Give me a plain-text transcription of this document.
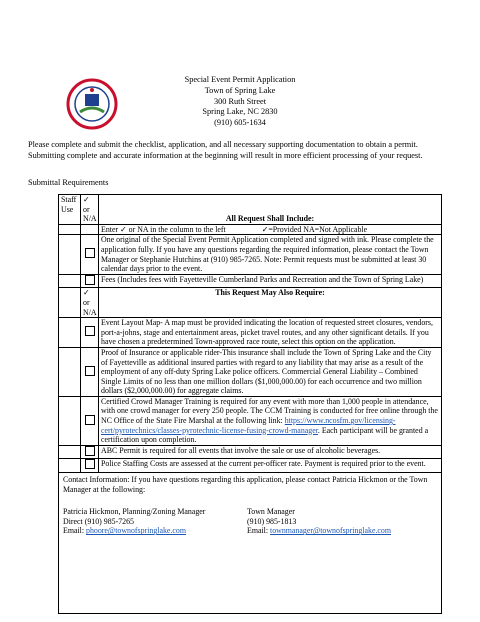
Special Event Permit Application
Town of Spring Lake
300 Ruth Street
Spring Lake, NC 2830
(910) 605-1634
Please complete and submit the checklist, application, and all necessary supporting documentation to obtain a permit. Submitting complete and accurate information at the beginning will result in more efficient processing of your request.
Submittal Requirements
Staff Use	✓ or N/A	All Request Shall Include:
		Enter ✓ or NA in the column to the left ✓=Provided NA=Not Applicable
		One original of the Special Event Permit Application completed and signed with ink. Please complete the application fully. If you have any questions regarding the required information, please contact the Town Manager or Stephanie Hutchins at (910) 985-7265. Note: Permit requests must be submitted at least 30 calendar days prior to the event.
		Fees (Includes fees with Fayetteville Cumberland Parks and Recreation and the Town of Spring Lake)
	✓ or N/A	This Request May Also Require:
		Event Layout Map- A map must be provided indicating the location of requested street closures, vendors, port-a-johns, stage and entertainment areas, picket travel routes, and any other significant details. If you have chosen a predetermined Town-approved race route, select this option on the application.
		Proof of Insurance or applicable rider-This insurance shall include the Town of Spring Lake and the City of Fayetteville as additional insured parties with regard to any liability that may arise as a result of the employment of any off-duty Spring Lake police officers. Commercial General Liability – Combined Single Limits of no less than one million dollars ($1,000,000.00) for each occurrence and two million dollars ($2,000,000.00) for aggregate claims.
		Certified Crowd Manager Training is required for any event with more than 1,000 people in attendance, with one crowd manager for every 250 people. The CCM Training is conducted for free online through the NC Office of the State Fire Marshal at the following link: https://www.ncosfm.gov/licensing-cert/pyrotechnics/classes-pyrotechnic-license-fusing-crowd-manager. Each participant will be granted a certification upon completion.
		ABC Permit is required for all events that involve the sale or use of alcoholic beverages.
		Police Staffing Costs are assessed at the current per-officer rate. Payment is required prior to the event.
Contact Information: If you have questions regarding this application, please contact Patricia Hickmon or the Town Manager at the following:
Patricia Hickmon, Planning/Zoning Manager
Direct (910) 985-7265
Email: phoore@townofspringlake.com
Town Manager
(910) 985-1813
Email: townmanager@townofspringlake.com
